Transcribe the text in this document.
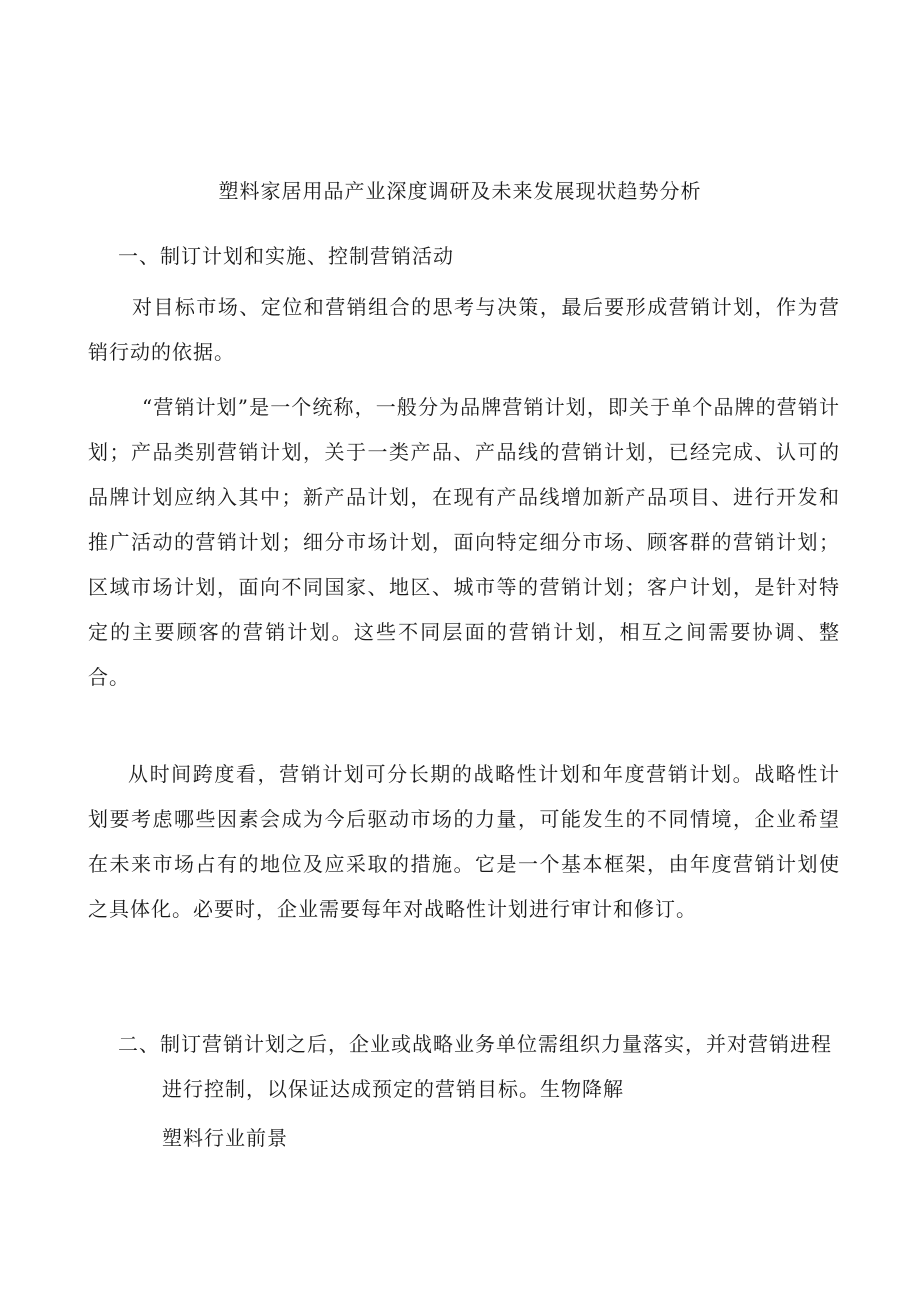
塑料家居用品产业深度调研及未来发展现状趋势分析
一、制订计划和实施、控制营销活动

对目标市场、定位和营销组合的思考与决策，最后要形成营销计划，作为营销行动的依据。

“营销计划”是一个统称，一般分为品牌营销计划，即关于单个品牌的营销计划；产品类别营销计划，关于一类产品、产品线的营销计划，已经完成、认可的品牌计划应纳入其中；新产品计划，在现有产品线增加新产品项目、进行开发和推广活动的营销计划；细分市场计划，面向特定细分市场、顾客群的营销计划；区域市场计划，面向不同国家、地区、城市等的营销计划；客户计划，是针对特定的主要顾客的营销计划。这些不同层面的营销计划，相互之间需要协调、整合。

从时间跨度看，营销计划可分长期的战略性计划和年度营销计划。战略性计划要考虑哪些因素会成为今后驱动市场的力量，可能发生的不同情境，企业希望在未来市场占有的地位及应采取的措施。它是一个基本框架，由年度营销计划使之具体化。必要时，企业需要每年对战略性计划进行审计和修订。

二、制订营销计划之后，企业或战略业务单位需组织力量落实，并对营销进程进行控制，以保证达成预定的营销目标。生物降解

塑料行业前景
